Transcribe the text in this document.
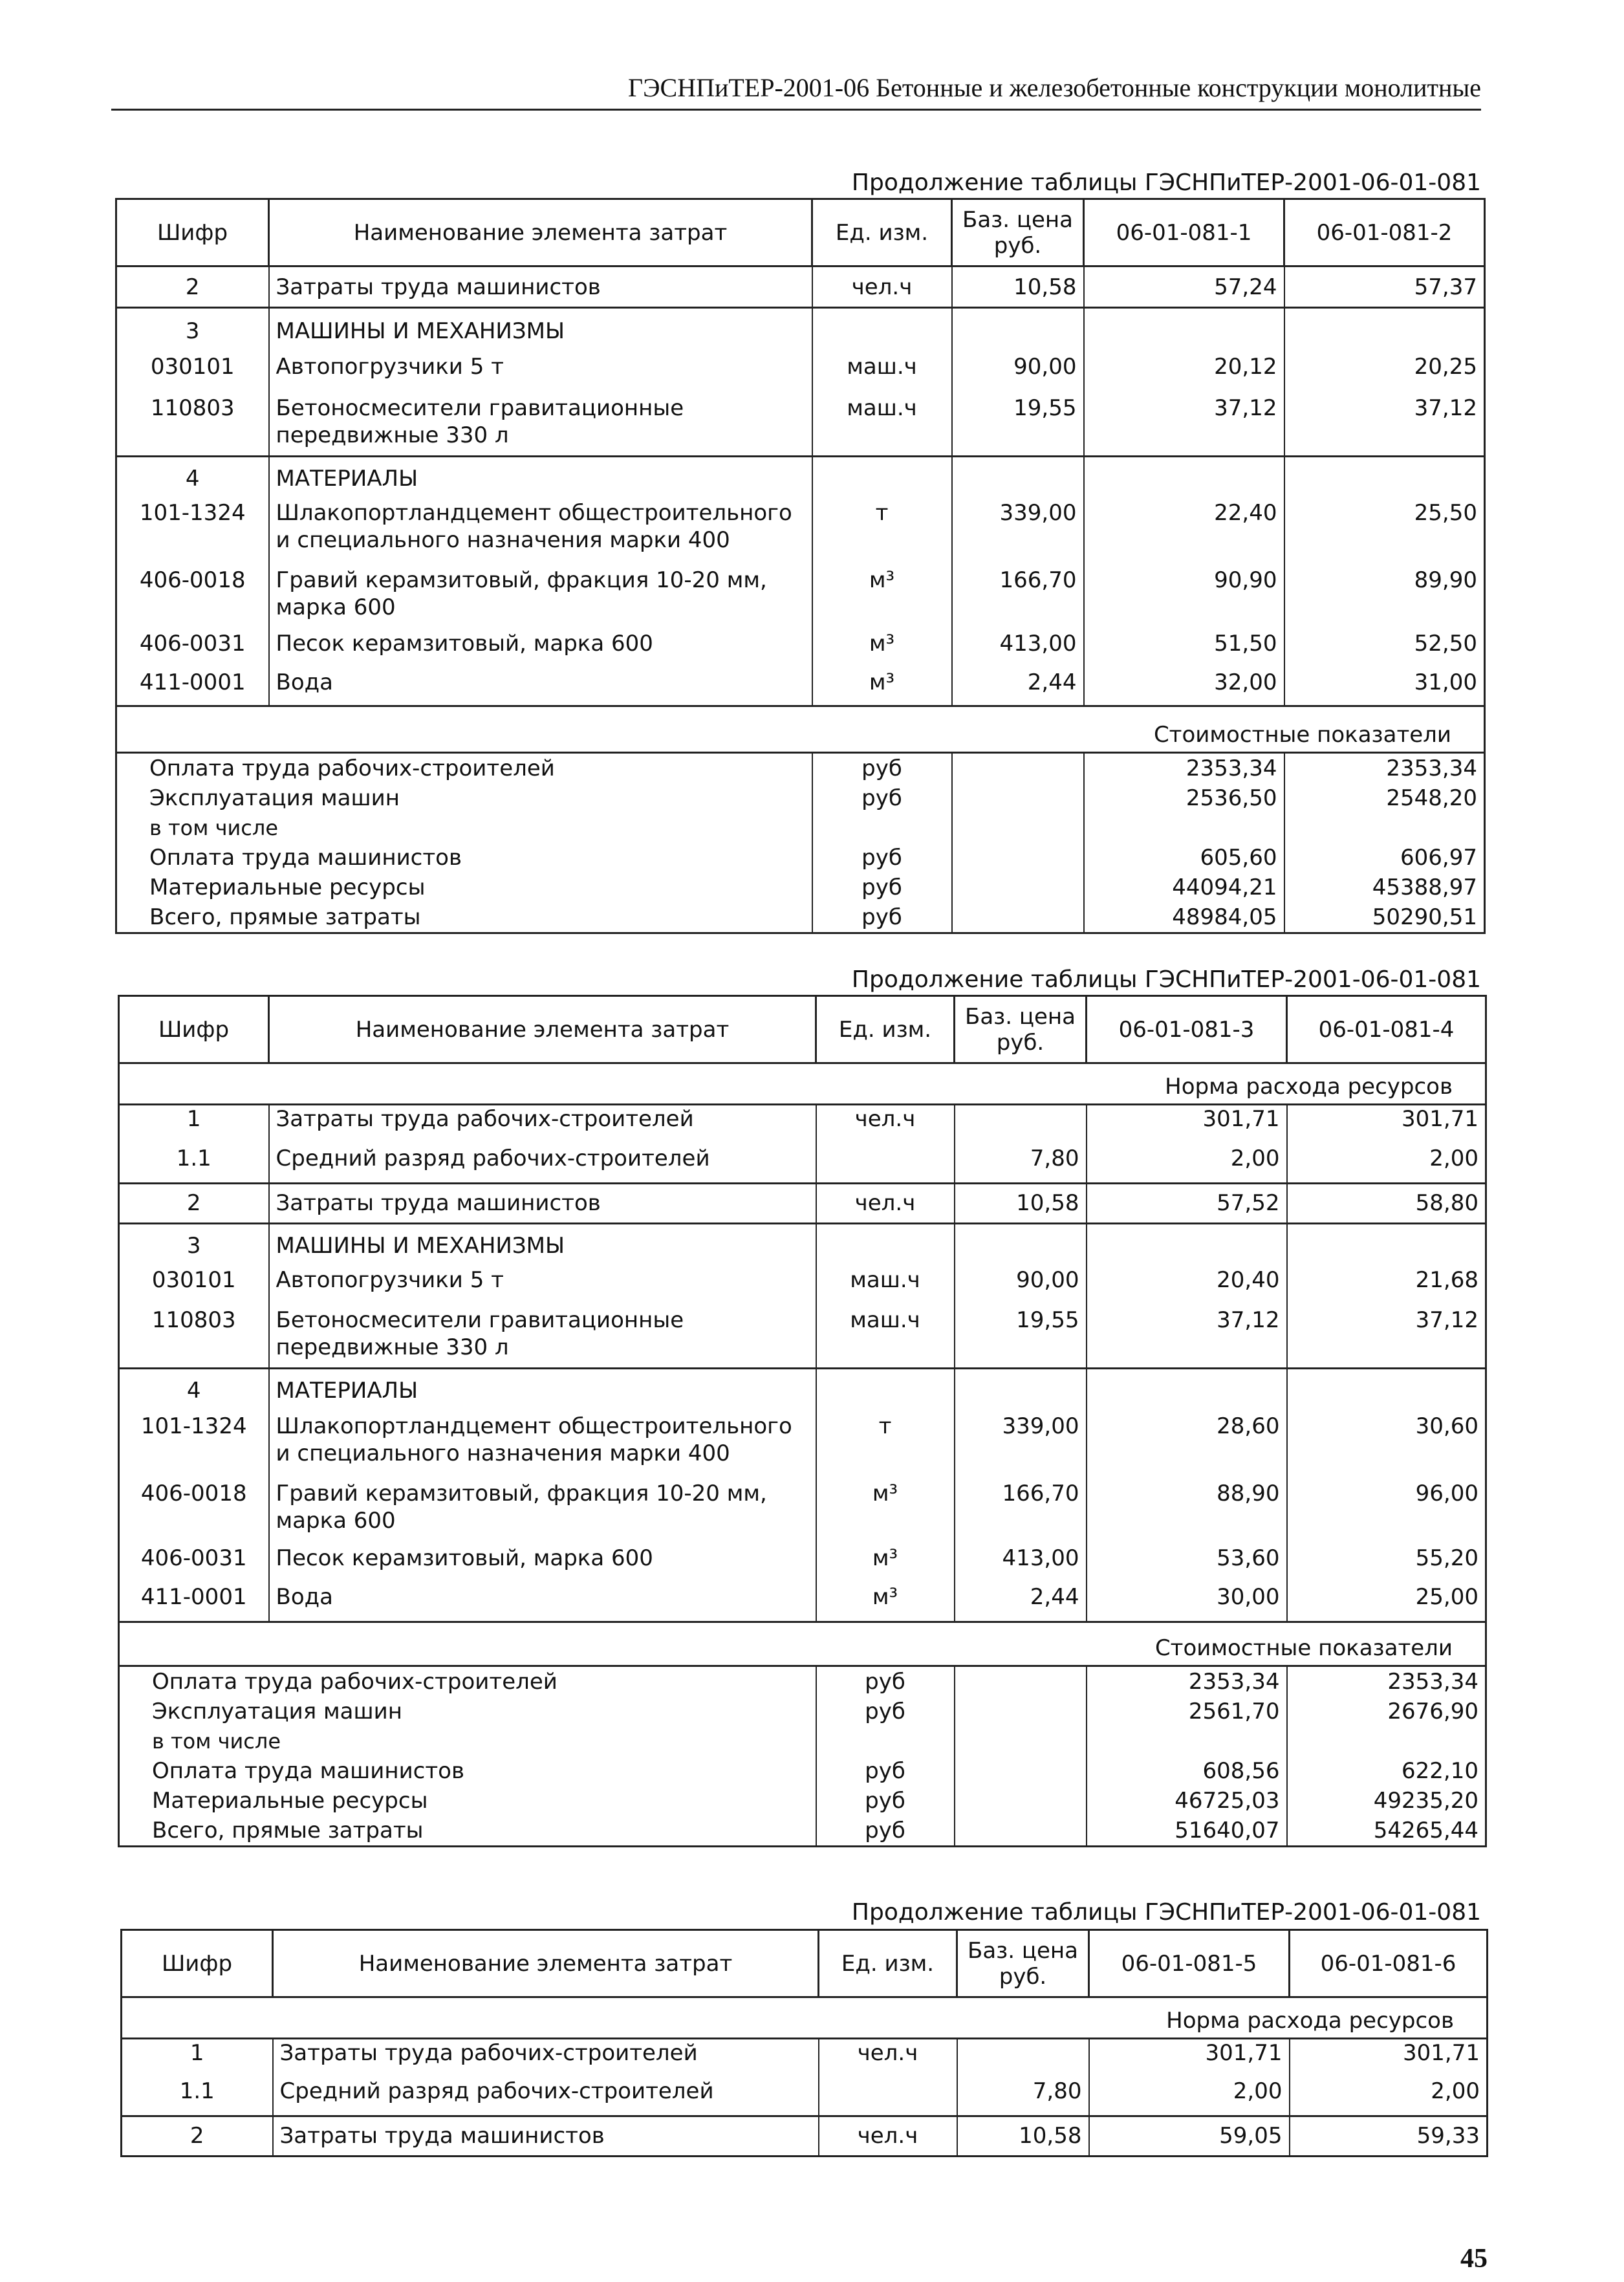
ГЭСНПиТЕР-2001-06 Бетонные и железобетонные конструкции монолитные
Продолжение таблицы ГЭСНПиТЕР-2001-06-01-081
Шифр	Наименование элемента затрат	Ед. изм.	Баз. цена руб.	06-01-081-1	06-01-081-2
2	Затраты труда машинистов	чел.ч	10,58	57,24	57,37
3	МАШИНЫ И МЕХАНИЗМЫ				
030101	Автопогрузчики 5 т	маш.ч	90,00	20,12	20,25
110803	Бетоносмесители гравитационные передвижные 330 л	маш.ч	19,55	37,12	37,12
4	МАТЕРИАЛЫ				
101-1324	Шлакопортландцемент общестроительного и специального назначения марки 400	т	339,00	22,40	25,50
406-0018	Гравий керамзитовый, фракция 10-20 мм, марка 600	м³	166,70	90,90	89,90
406-0031	Песок керамзитовый, марка 600	м³	413,00	51,50	52,50
411-0001	Вода	м³	2,44	32,00	31,00
Стоимостные показатели					
Оплата труда рабочих-строителей		руб		2353,34	2353,34
Эксплуатация машин		руб		2536,50	2548,20
в том числе					
Оплата труда машинистов		руб		605,60	606,97
Материальные ресурсы		руб		44094,21	45388,97
Всего, прямые затраты		руб		48984,05	50290,51
Продолжение таблицы ГЭСНПиТЕР-2001-06-01-081
Шифр	Наименование элемента затрат	Ед. изм.	Баз. цена руб.	06-01-081-3	06-01-081-4
Норма расхода ресурсов					
1	Затраты труда рабочих-строителей	чел.ч		301,71	301,71
1.1	Средний разряд рабочих-строителей		7,80	2,00	2,00
2	Затраты труда машинистов	чел.ч	10,58	57,52	58,80
3	МАШИНЫ И МЕХАНИЗМЫ				
030101	Автопогрузчики 5 т	маш.ч	90,00	20,40	21,68
110803	Бетоносмесители гравитационные передвижные 330 л	маш.ч	19,55	37,12	37,12
4	МАТЕРИАЛЫ				
101-1324	Шлакопортландцемент общестроительного и специального назначения марки 400	т	339,00	28,60	30,60
406-0018	Гравий керамзитовый, фракция 10-20 мм, марка 600	м³	166,70	88,90	96,00
406-0031	Песок керамзитовый, марка 600	м³	413,00	53,60	55,20
411-0001	Вода	м³	2,44	30,00	25,00
Стоимостные показатели					
Оплата труда рабочих-строителей		руб		2353,34	2353,34
Эксплуатация машин		руб		2561,70	2676,90
в том числе					
Оплата труда машинистов		руб		608,56	622,10
Материальные ресурсы		руб		46725,03	49235,20
Всего, прямые затраты		руб		51640,07	54265,44
Продолжение таблицы ГЭСНПиТЕР-2001-06-01-081
Шифр	Наименование элемента затрат	Ед. изм.	Баз. цена руб.	06-01-081-5	06-01-081-6
Норма расхода ресурсов					
1	Затраты труда рабочих-строителей	чел.ч		301,71	301,71
1.1	Средний разряд рабочих-строителей		7,80	2,00	2,00
2	Затраты труда машинистов	чел.ч	10,58	59,05	59,33
45
